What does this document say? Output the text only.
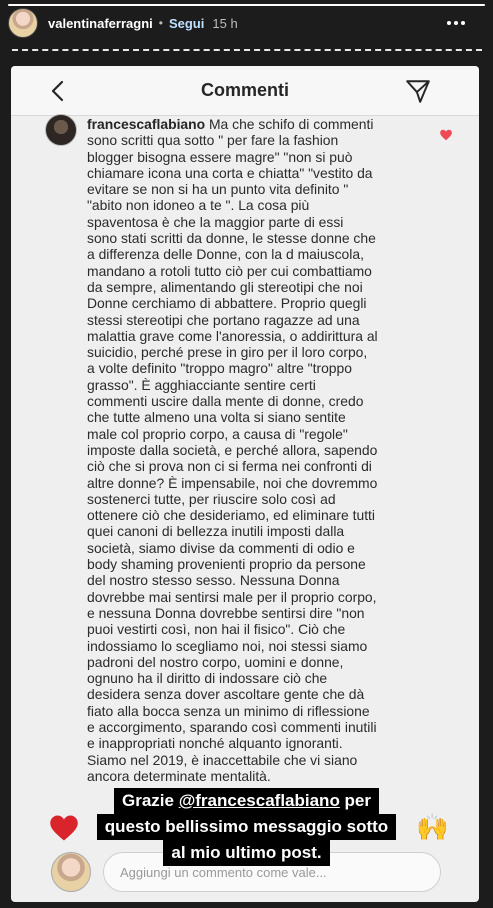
valentinaferragni • Segui 15 h
Commenti
francescaflabiano Ma che schifo di commenti
sono scritti qua sotto " per fare la fashion
blogger bisogna essere magre" "non si può
chiamare icona una corta e chiatta" "vestito da
evitare se non si ha un punto vita definito "
"abito non idoneo a te ". La cosa più
spaventosa è che la maggior parte di essi
sono stati scritti da donne, le stesse donne che
a differenza delle Donne, con la d maiuscola,
mandano a rotoli tutto ciò per cui combattiamo
da sempre, alimentando gli stereotipi che noi
Donne cerchiamo di abbattere. Proprio quegli
stessi stereotipi che portano ragazze ad una
malattia grave come l'anoressia, o addirittura al
suicidio, perché prese in giro per il loro corpo,
a volte definito "troppo magro" altre "troppo
grasso". È agghiacciante sentire certi
commenti uscire dalla mente di donne, credo
che tutte almeno una volta si siano sentite
male col proprio corpo, a causa di "regole"
imposte dalla società, e perché allora, sapendo
ciò che si prova non ci si ferma nei confronti di
altre donne? È impensabile, noi che dovremmo
sostenerci tutte, per riuscire solo così ad
ottenere ciò che desideriamo, ed eliminare tutti
quei canoni di bellezza inutili imposti dalla
società, siamo divise da commenti di odio e
body shaming provenienti proprio da persone
del nostro stesso sesso. Nessuna Donna
dovrebbe mai sentirsi male per il proprio corpo,
e nessuna Donna dovrebbe sentirsi dire "non
puoi vestirti così, non hai il fisico". Ciò che
indossiamo lo scegliamo noi, noi stessi siamo
padroni del nostro corpo, uomini e donne,
ognuno ha il diritto di indossare ciò che
desidera senza dover ascoltare gente che dà
fiato alla bocca senza un minimo di riflessione
e accorgimento, sparando così commenti inutili
e inappropriati nonché alquanto ignoranti.
Siamo nel 2019, è inaccettabile che vi siano
ancora determinate mentalità.
🙌
Aggiungi un commento come vale...
Grazie @francescaflabiano per
questo bellissimo messaggio sotto
al mio ultimo post.
